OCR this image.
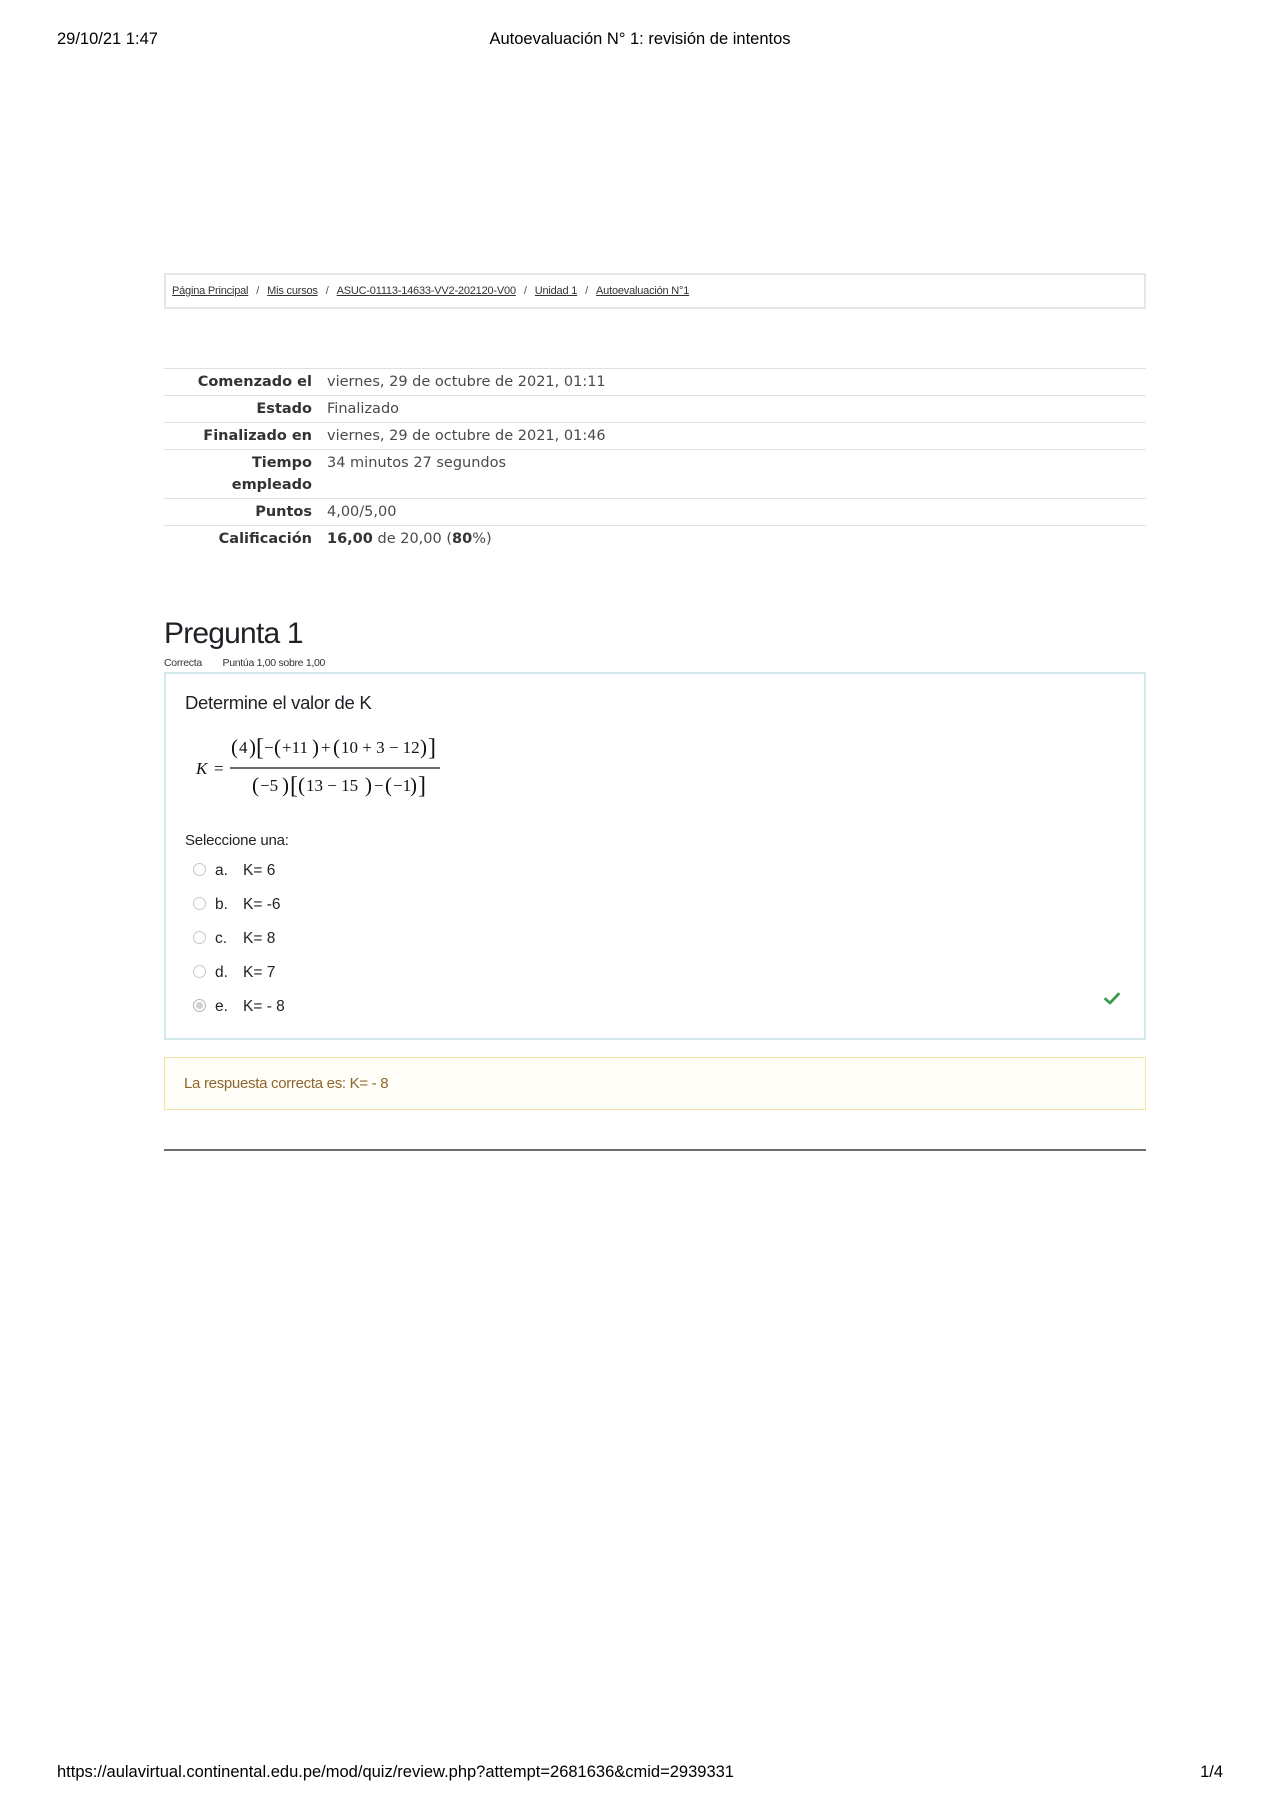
29/10/21 1:47	Autoevaluación N° 1: revisión de intentos
Página Principal / Mis cursos / ASUC-01113-14633-VV2-202120-V00 / Unidad 1 / Autoevaluación N°1
Comenzado el	viernes, 29 de octubre de 2021, 01:11
Estado	Finalizado
Finalizado en	viernes, 29 de octubre de 2021, 01:46
Tiempo
empleado	34 minutos 27 segundos
Puntos	4,00/5,00
Calificación	16,00 de 20,00 (80%)
Pregunta 1
Correcta Puntúa 1,00 sobre 1,00
Determine el valor de K
K =
( 4 ) [ − ( +11 ) + ( 10 + 3 − 12 ) ]
( −5 ) [ ( 13 − 15 ) − ( −1
) ]
Seleccione una:
a. K= 6
b. K= -6
c.	K= 8
d. K= 7
e. K= - 8
La respuesta correcta es: K= - 8
https://aulavirtual.continental.edu.pe/mod/quiz/review.php?attempt=2681636&cmid=2939331	1/4
